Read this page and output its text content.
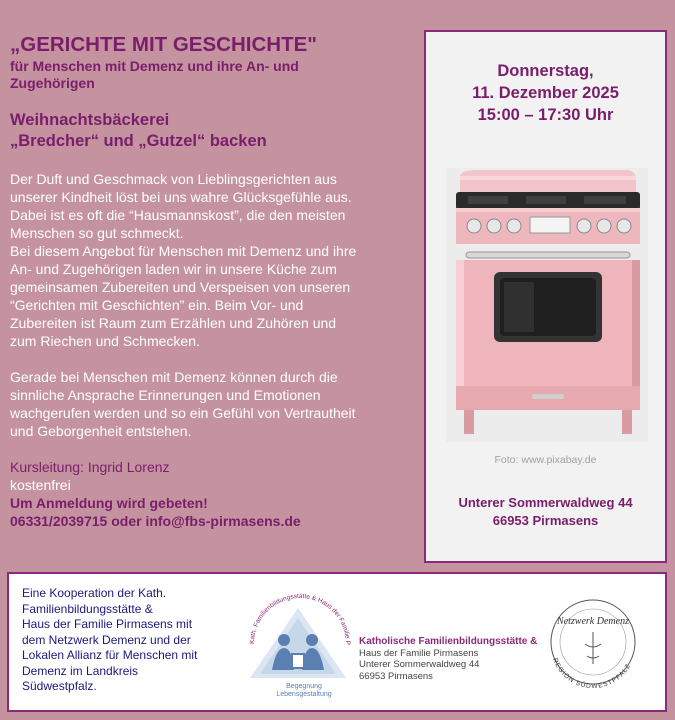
„GERICHTE MIT GESCHICHTE"

für Menschen mit Demenz und ihre An- und
Zugehörigen

Weihnachtsbäckerei
„Bredcher“ und „Gutzel“ backen

Der Duft und Geschmack von Lieblingsgerichten aus
unserer Kindheit löst bei uns wahre Glücksgefühle aus.
Dabei ist es oft die “Hausmannskost”, die den meisten
Menschen so gut schmeckt.
Bei diesem Angebot für Menschen mit Demenz und ihre
An- und Zugehörigen laden wir in unsere Küche zum
gemeinsamen Zubereiten und Verspeisen von unseren
“Gerichten mit Geschichten” ein. Beim Vor- und
Zubereiten ist Raum zum Erzählen und Zuhören und
zum Riechen und Schmecken.

Gerade bei Menschen mit Demenz können durch die
sinnliche Ansprache Erinnerungen und Emotionen
wachgerufen werden und so ein Gefühl von Vertrautheit
und Geborgenheit entstehen.

Kursleitung: Ingrid Lorenz
kostenfrei
Um Anmeldung wird gebeten!
06331/2039715 oder info@fbs-pirmasens.de
Donnerstag,
11. Dezember 2025
15:00 – 17:30 Uhr
Foto: www.pixabay.de
Unterer Sommerwaldweg 44
66953 Pirmasens
Eine Kooperation der Kath.
Familienbildungsstätte &
Haus der Familie Pirmasens mit
dem Netzwerk Demenz und der
Lokalen Allianz für Menschen mit
Demenz im Landkreis
Südwestpfalz.
Kath. Familienbildungsstätte & Haus der Familie P
Begegnung
Lebensgestaltung
Katholische Familienbildungsstätte &
Haus der Familie Pirmasens
Unterer Sommerwaldweg 44
66953 Pirmasens
Netzwerk Demenz
REGION SÜDWESTPFALZ
